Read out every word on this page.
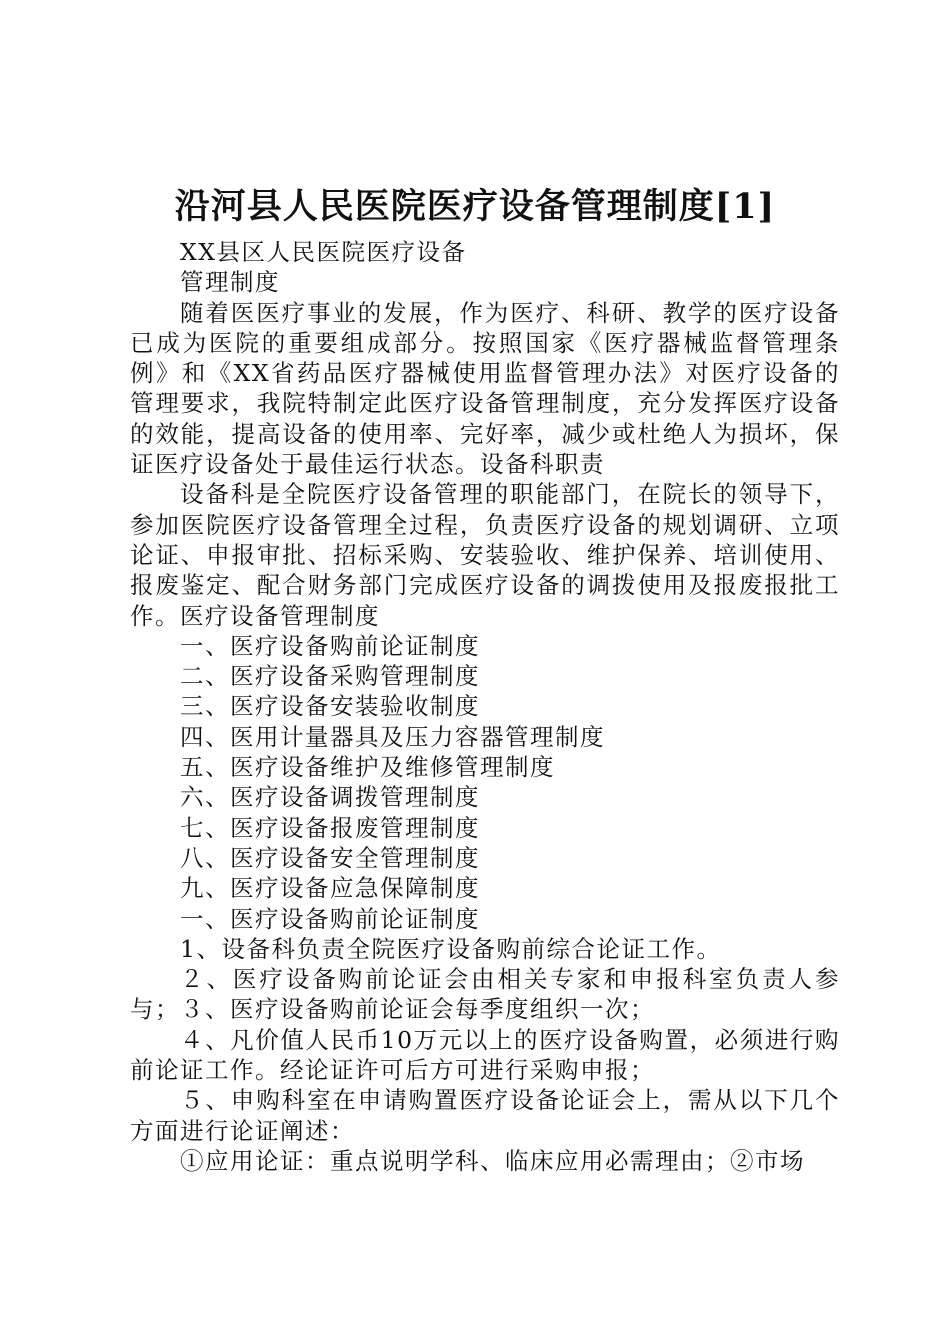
沿河县人民医院医疗设备管理制度[1]

XX县区人民医院医疗设备

管理制度

随着医医疗事业的发展，作为医疗、科研、教学的医疗设备已成为医院的重要组成部分。按照国家《医疗器械监督管理条例》和《XX省药品医疗器械使用监督管理办法》对医疗设备的管理要求，我院特制定此医疗设备管理制度，充分发挥医疗设备的效能，提高设备的使用率、完好率，减少或杜绝人为损坏，保证医疗设备处于最佳运行状态。设备科职责

设备科是全院医疗设备管理的职能部门，在院长的领导下，参加医院医疗设备管理全过程，负责医疗设备的规划调研、立项论证、申报审批、招标采购、安装验收、维护保养、培训使用、报废鉴定、配合财务部门完成医疗设备的调拨使用及报废报批工作。医疗设备管理制度

一、医疗设备购前论证制度

二、医疗设备采购管理制度

三、医疗设备安装验收制度

四、医用计量器具及压力容器管理制度

五、医疗设备维护及维修管理制度

六、医疗设备调拨管理制度

七、医疗设备报废管理制度

八、医疗设备安全管理制度

九、医疗设备应急保障制度

一、医疗设备购前论证制度

1、设备科负责全院医疗设备购前综合论证工作。

２、医疗设备购前论证会由相关专家和申报科室负责人参与；３、医疗设备购前论证会每季度组织一次；

４、凡价值人民币10万元以上的医疗设备购置，必须进行购前论证工作。经论证许可后方可进行采购申报；

５、申购科室在申请购置医疗设备论证会上，需从以下几个方面进行论证阐述：

①应用论证：重点说明学科、临床应用必需理由；②市场
